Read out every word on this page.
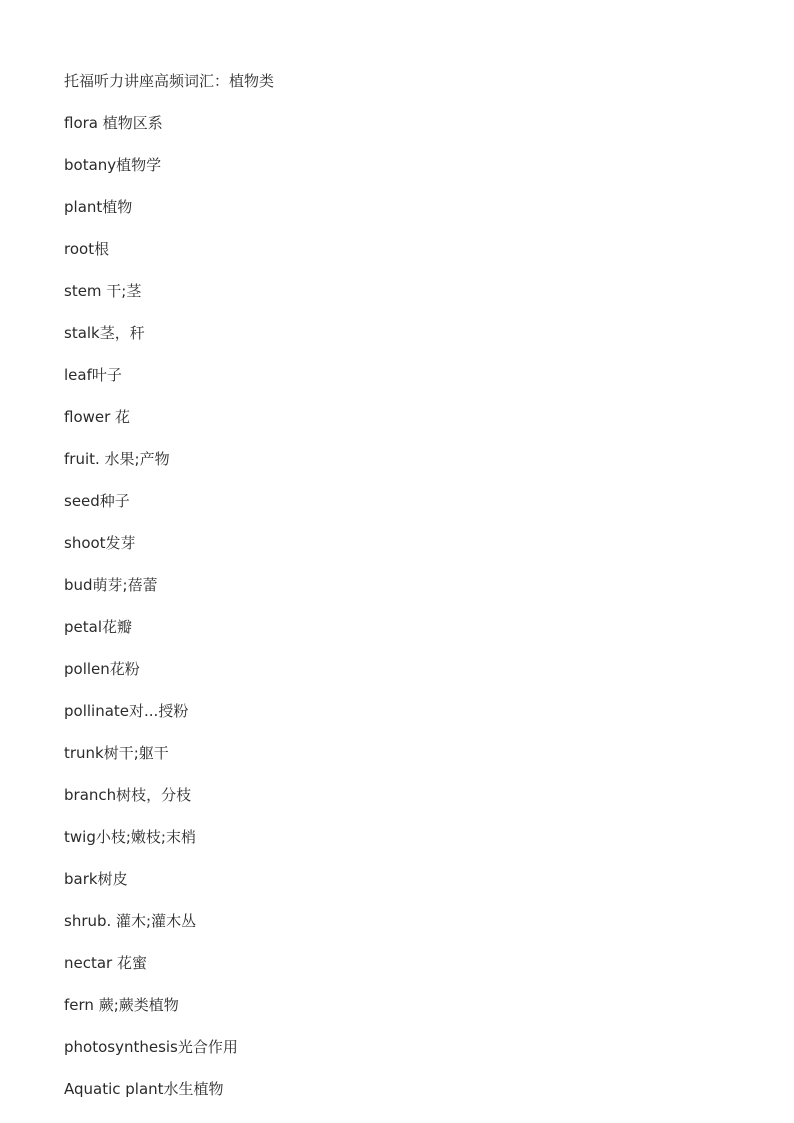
托福听力讲座高频词汇：植物类
flora 植物区系
botany植物学
plant植物
root根
stem 干;茎
stalk茎，秆
leaf叶子
flower 花
fruit. 水果;产物
seed种子
shoot发芽
bud萌芽;蓓蕾
petal花瓣
pollen花粉
pollinate对...授粉
trunk树干;躯干
branch树枝，分枝
twig小枝;嫩枝;末梢
bark树皮
shrub. 灌木;灌木丛
nectar 花蜜
fern 蕨;蕨类植物
photosynthesis光合作用
Aquatic plant水生植物
